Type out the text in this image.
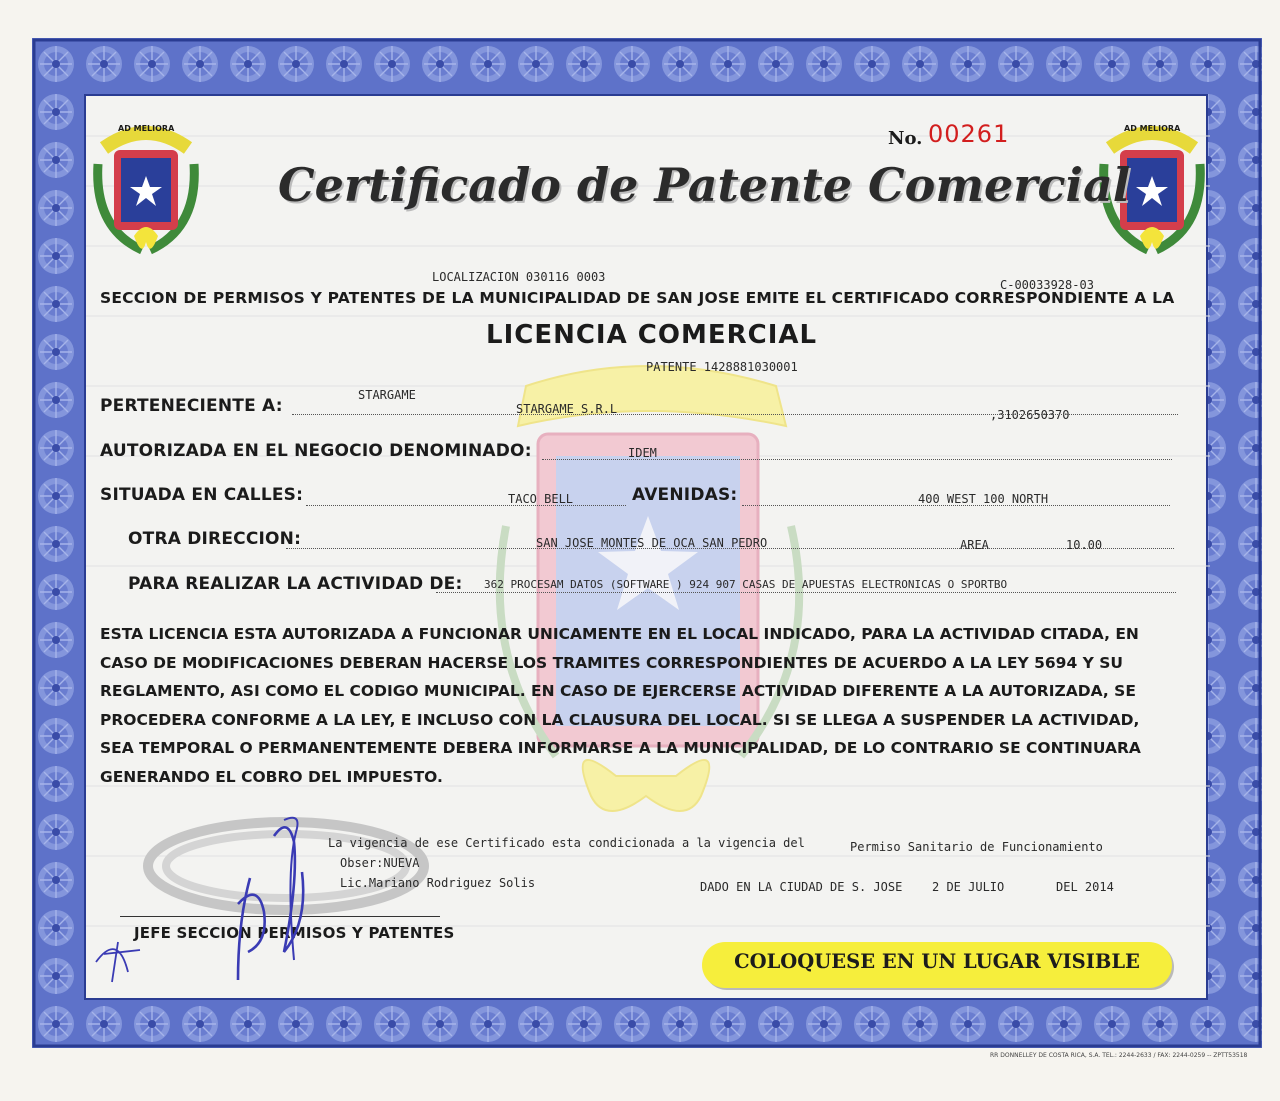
AD MELIORA	AD MELIORA
No. 00261
Certificado de Patente Comercial
LOCALIZACION 030116 0003
C-00033928-03
SECCION DE PERMISOS Y PATENTES DE LA MUNICIPALIDAD DE SAN JOSE EMITE EL CERTIFICADO CORRESPONDIENTE A LA
LICENCIA COMERCIAL
PATENTE 1428881030001
PERTENECIENTE A:
STARGAME
STARGAME S.R.L	,3102650370
AUTORIZADA EN EL NEGOCIO DENOMINADO:	IDEM
SITUADA EN CALLES:	TACO BELL	AVENIDAS:	400 WEST 100 NORTH
OTRA DIRECCION:	SAN JOSE MONTES DE OCA SAN PEDRO	AREA	10.00
PARA REALIZAR LA ACTIVIDAD DE: 362 PROCESAM DATOS (SOFTWARE ) 924 907 CASAS DE APUESTAS ELECTRONICAS O SPORTBO
ESTA LICENCIA ESTA AUTORIZADA A FUNCIONAR UNICAMENTE EN EL LOCAL INDICADO, PARA LA ACTIVIDAD CITADA, EN
CASO DE MODIFICACIONES DEBERAN HACERSE LOS TRAMITES CORRESPONDIENTES DE ACUERDO A LA LEY 5694 Y SU
REGLAMENTO, ASI COMO EL CODIGO MUNICIPAL. EN CASO DE EJERCERSE ACTIVIDAD DIFERENTE A LA AUTORIZADA, SE
PROCEDERA CONFORME A LA LEY, E INCLUSO CON LA CLAUSURA DEL LOCAL. SI SE LLEGA A SUSPENDER LA ACTIVIDAD,
SEA TEMPORAL O PERMANENTEMENTE DEBERA INFORMARSE A LA MUNICIPALIDAD, DE LO CONTRARIO SE CONTINUARA
GENERANDO EL COBRO DEL IMPUESTO.
La vigencia de ese Certificado esta condicionada a la vigencia del	Permiso Sanitario de Funcionamiento
Obser:NUEVA
Lic.Mariano Rodriguez Solis	DADO EN LA CIUDAD DE S. JOSE 2 DE JULIO	DEL 2014
JEFE SECCION PERMISOS Y PATENTES
COLOQUESE EN UN LUGAR VISIBLE
RR DONNELLEY DE COSTA RICA, S.A. TEL.: 2244-2633 / FAX: 2244-0259 -- ZPTT53518
